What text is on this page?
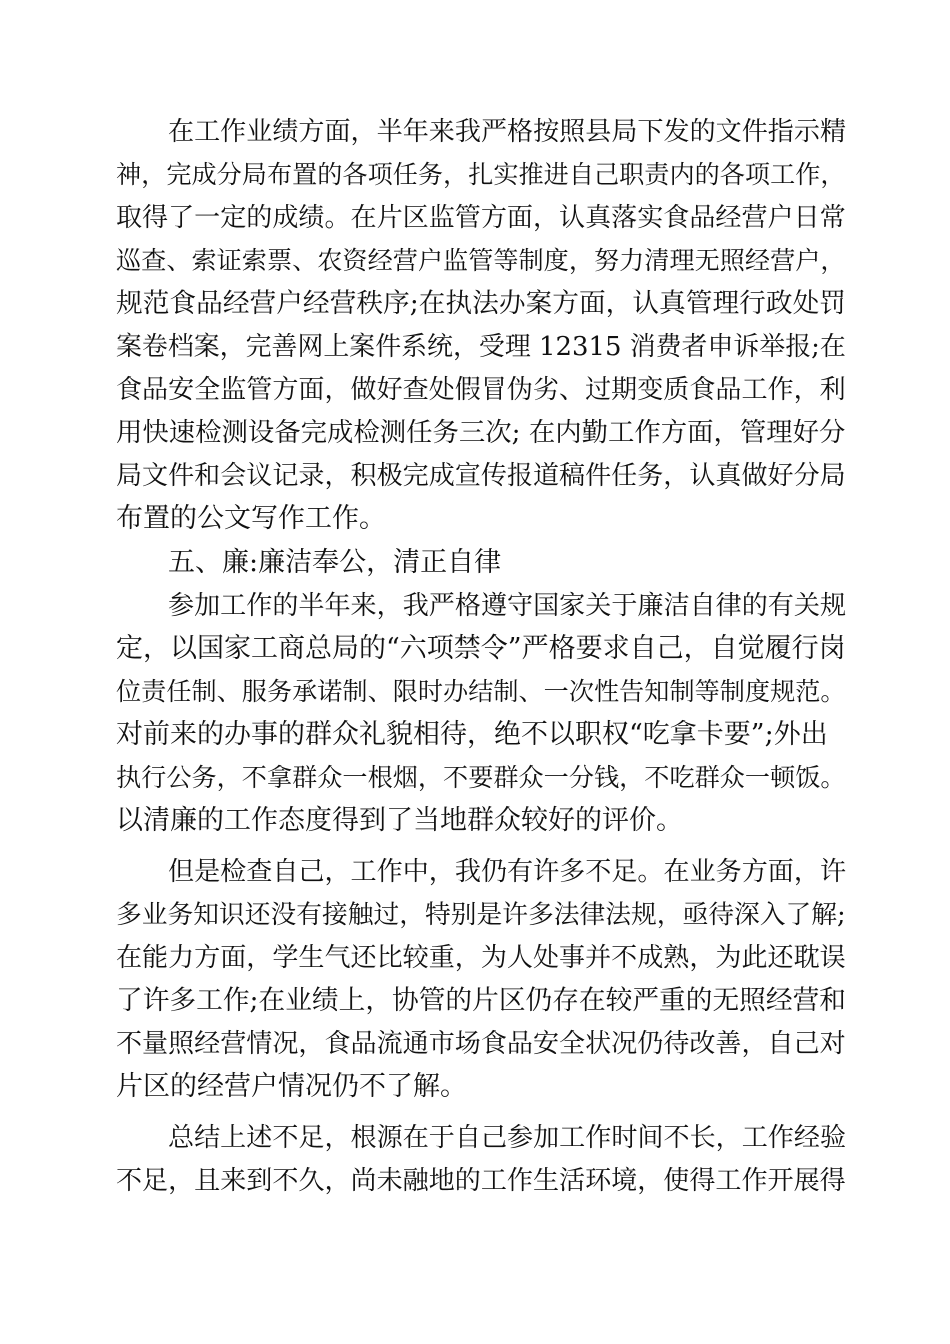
在工作业绩方面，半年来我严格按照县局下发的文件指示精
神，完成分局布置的各项任务，扎实推进自己职责内的各项工作，
取得了一定的成绩。在片区监管方面，认真落实食品经营户日常
巡查、索证索票、农资经营户监管等制度，努力清理无照经营户，
规范食品经营户经营秩序;在执法办案方面，认真管理行政处罚
案卷档案，完善网上案件系统，受理 12315 消费者申诉举报;在
食品安全监管方面，做好查处假冒伪劣、过期变质食品工作，利
用快速检测设备完成检测任务三次; 在内勤工作方面，管理好分
局文件和会议记录，积极完成宣传报道稿件任务，认真做好分局
布置的公文写作工作。
五、廉:廉洁奉公，清正自律
参加工作的半年来，我严格遵守国家关于廉洁自律的有关规
定，以国家工商总局的“六项禁令”严格要求自己，自觉履行岗
位责任制、服务承诺制、限时办结制、一次性告知制等制度规范。
对前来的办事的群众礼貌相待，绝不以职权“吃拿卡要”;外出
执行公务，不拿群众一根烟，不要群众一分钱，不吃群众一顿饭。
以清廉的工作态度得到了当地群众较好的评价。
但是检查自己，工作中，我仍有许多不足。在业务方面，许
多业务知识还没有接触过，特别是许多法律法规，亟待深入了解;
在能力方面，学生气还比较重，为人处事并不成熟，为此还耽误
了许多工作;在业绩上，协管的片区仍存在较严重的无照经营和
不量照经营情况，食品流通市场食品安全状况仍待改善，自己对
片区的经营户情况仍不了解。
总结上述不足，根源在于自己参加工作时间不长，工作经验
不足，且来到不久，尚未融地的工作生活环境，使得工作开展得
